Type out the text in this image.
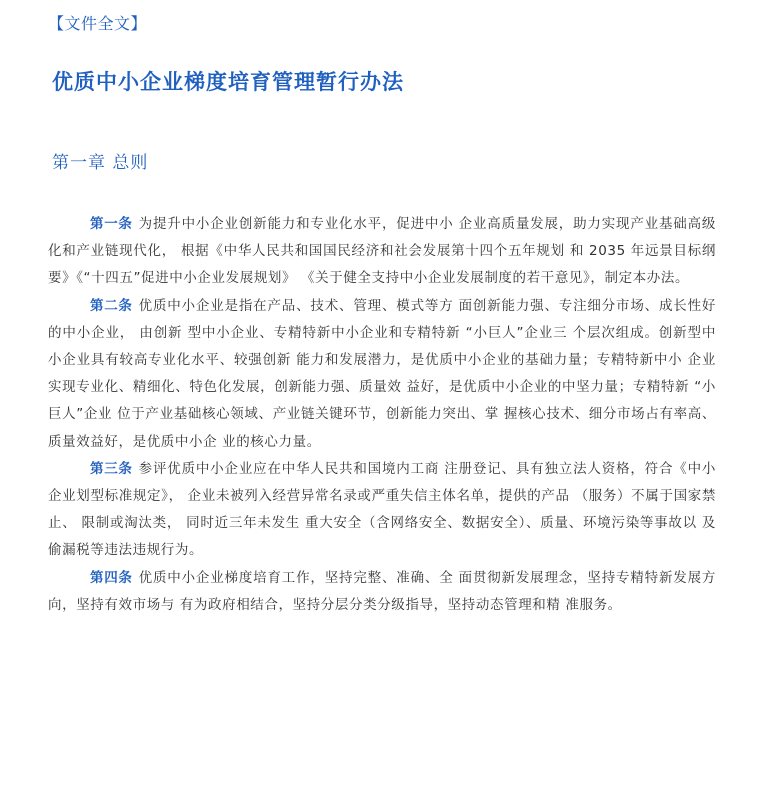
【文件全文】
优质中小企业梯度培育管理暂行办法
第一章 总则

第一条 为提升中小企业创新能力和专业化水平，促进中小 企业高质量发展，助力实现产业基础高级化和产业链现代化， 根据《中华人民共和国国民经济和社会发展第十四个五年规划 和 2035 年远景目标纲要》《“十四五”促进中小企业发展规划》 《关于健全支持中小企业发展制度的若干意见》，制定本办法。

第二条 优质中小企业是指在产品、技术、管理、模式等方 面创新能力强、专注细分市场、成长性好的中小企业， 由创新 型中小企业、专精特新中小企业和专精特新 “小巨人”企业三 个层次组成。创新型中小企业具有较高专业化水平、较强创新 能力和发展潜力，是优质中小企业的基础力量；专精特新中小 企业实现专业化、精细化、特色化发展，创新能力强、质量效 益好，是优质中小企业的中坚力量；专精特新 “小巨人”企业 位于产业基础核心领域、产业链关键环节，创新能力突出、掌 握核心技术、细分市场占有率高、质量效益好，是优质中小企 业的核心力量。

第三条 参评优质中小企业应在中华人民共和国境内工商 注册登记、具有独立法人资格，符合《中小企业划型标准规定》， 企业未被列入经营异常名录或严重失信主体名单，提供的产品 （服务）不属于国家禁止、 限制或淘汰类， 同时近三年未发生 重大安全（含网络安全、数据安全）、质量、环境污染等事故以 及偷漏税等违法违规行为。

第四条 优质中小企业梯度培育工作，坚持完整、准确、全 面贯彻新发展理念，坚持专精特新发展方向，坚持有效市场与 有为政府相结合，坚持分层分类分级指导，坚持动态管理和精 准服务。
